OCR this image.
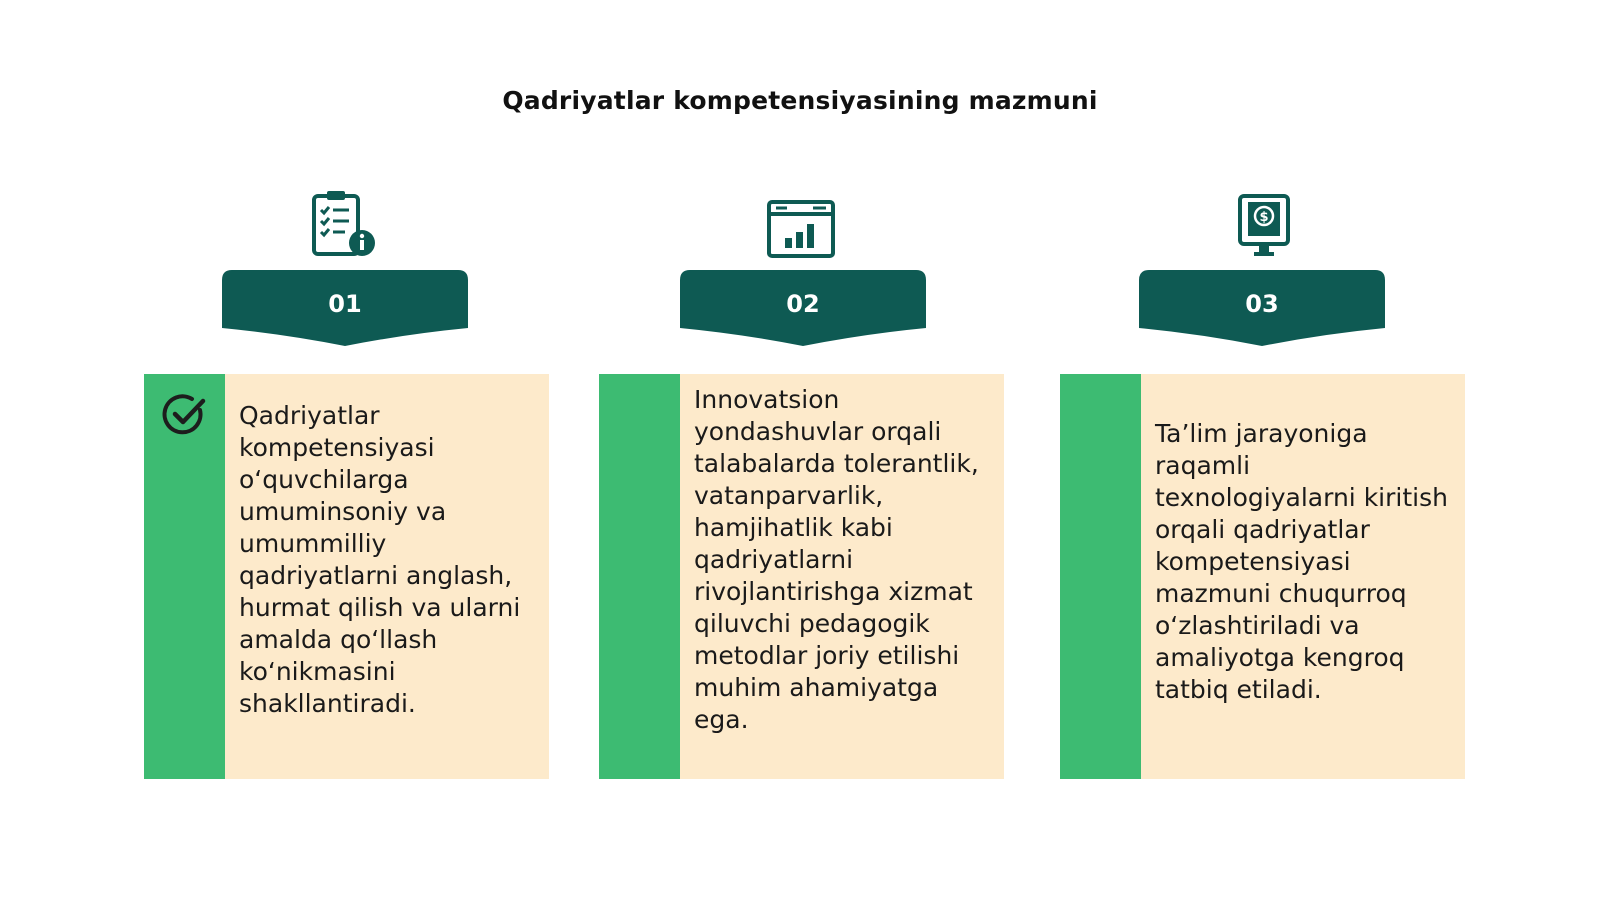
Qadriyatlar kompetensiyasining mazmuni
01
Qadriyatlar kompetensiyasi o‘quvchilarga umuminsoniy va umummilliy qadriyatlarni anglash, hurmat qilish va ularni amalda qo‘llash ko‘nikmasini shakllantiradi.
02
Innovatsion yondashuvlar orqali talabalarda tolerantlik, vatanparvarlik, hamjihatlik kabi qadriyatlarni rivojlantirishga xizmat qiluvchi pedagogik metodlar joriy etilishi muhim ahamiyatga ega.
$
03
Ta’lim jarayoniga raqamli texnologiyalarni kiritish orqali qadriyatlar kompetensiyasi mazmuni chuqurroq o‘zlashtiriladi va amaliyotga kengroq tatbiq etiladi.
